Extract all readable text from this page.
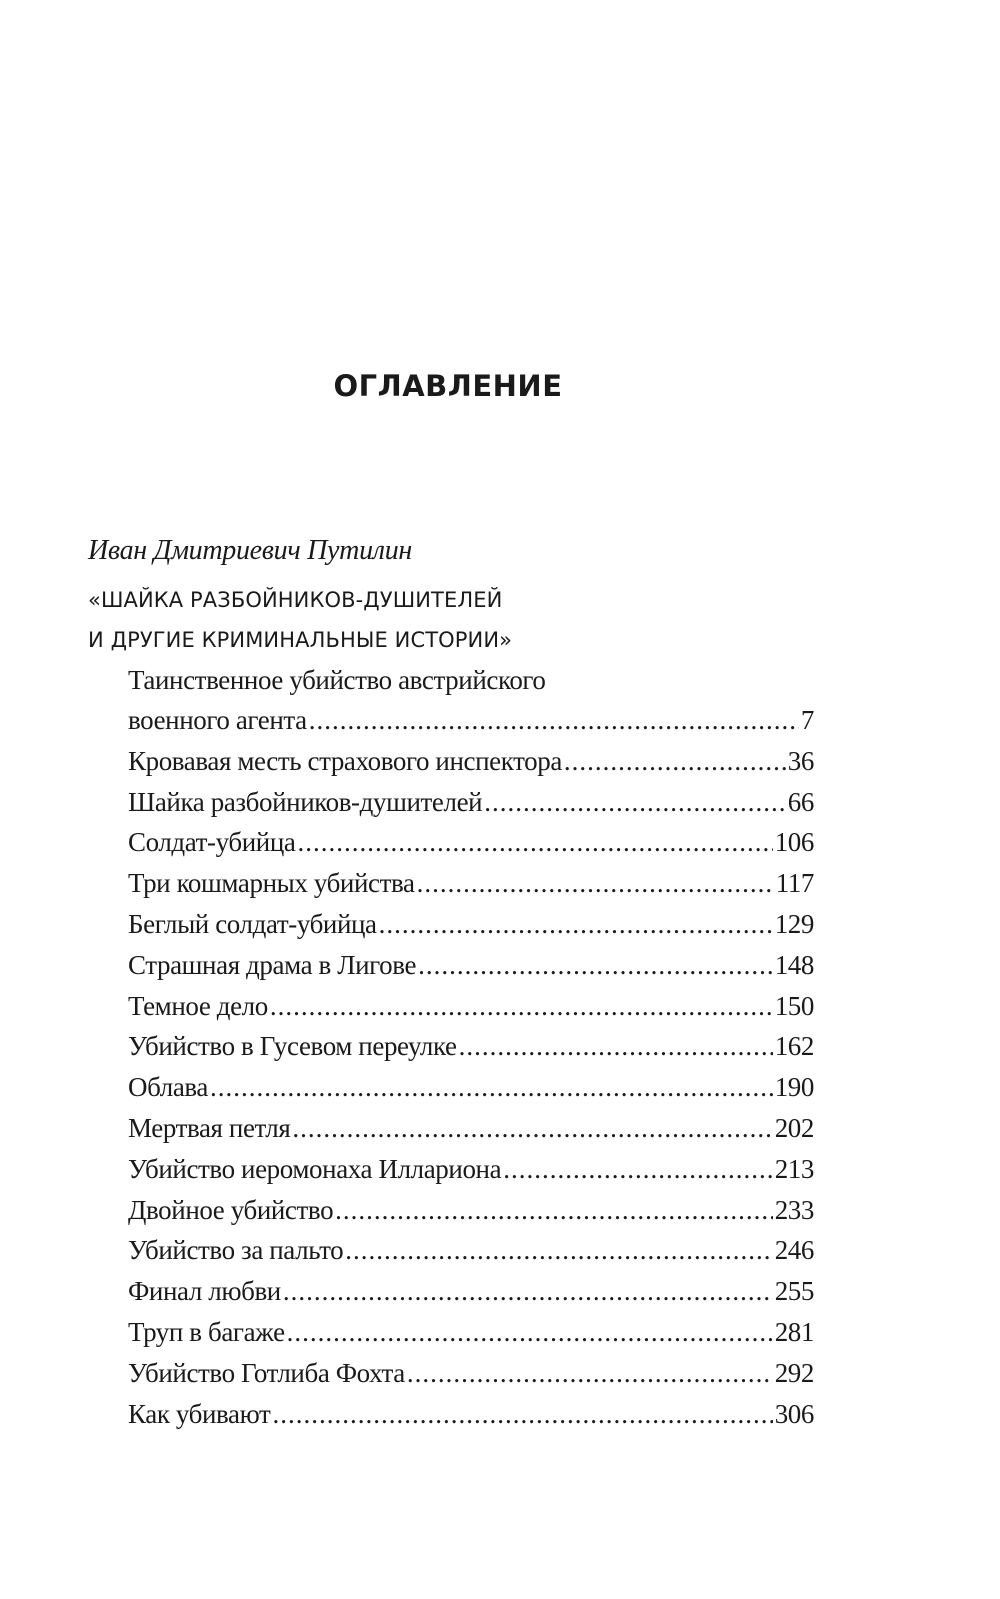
ОГЛАВЛЕНИЕ
Иван Дмитриевич Путилин
«ШАЙКА РАЗБОЙНИКОВ-ДУШИТЕЛЕЙ
И ДРУГИЕ КРИМИНАЛЬНЫЕ ИСТОРИИ»
Таинственное убийство австрийского
военного агента .....	7
Кровавая месть страхового инспектора .....	36
Шайка разбойников-душителей .....	66
Солдат-убийца .....	106
Три кошмарных убийства .....	117
Беглый солдат-убийца .....	129
Страшная драма в Лигове .....	148
Темное дело .....	150
Убийство в Гусевом переулке .....	162
Облава .....	190
Мертвая петля .....	202
Убийство иеромонаха Иллариона .....	213
Двойное убийство .....	233
Убийство за пальто .....	246
Финал любви .....	255
Труп в багаже .....	281
Убийство Готлиба Фохта .....	292
Как убивают .....	306
